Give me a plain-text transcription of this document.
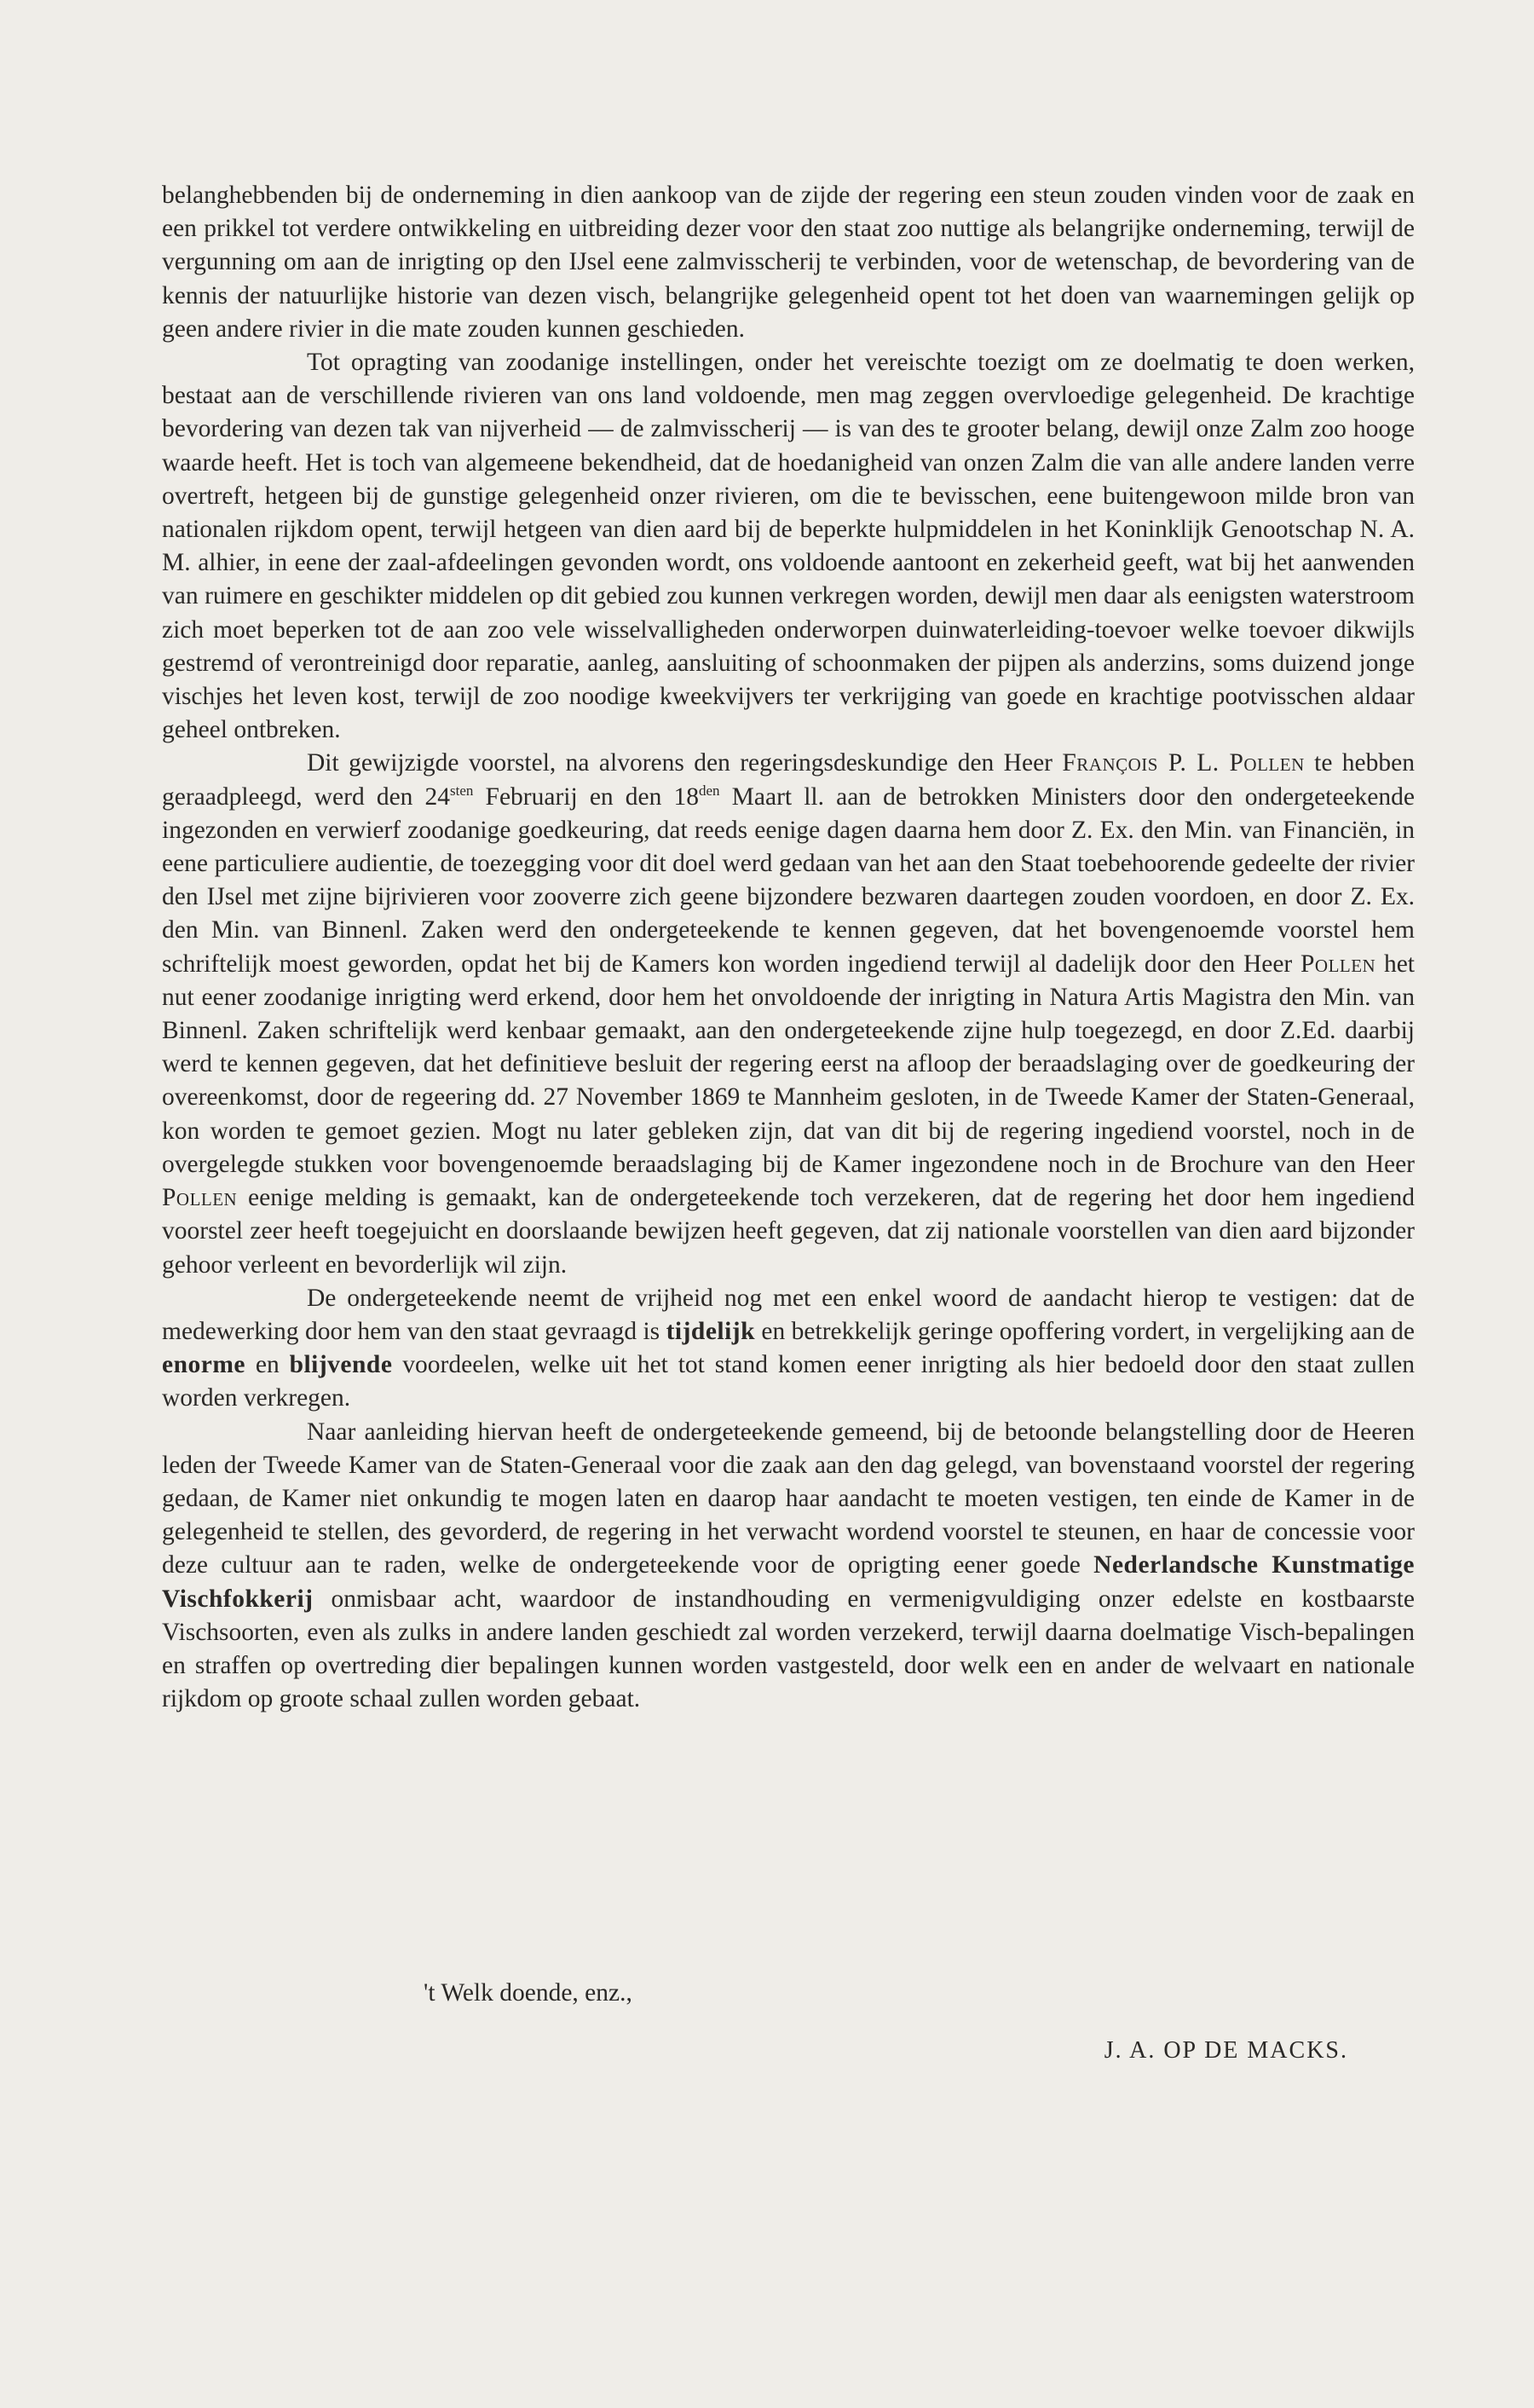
belanghebbenden bij de onderneming in dien aankoop van de zijde der regering een steun zouden vinden voor de zaak en een prikkel tot verdere ontwikkeling en uitbreiding dezer voor den staat zoo nuttige als belangrijke onderneming, terwijl de vergunning om aan de inrigting op den IJsel eene zalmvisscherij te verbinden, voor de wetenschap, de bevordering van de kennis der natuurlijke historie van dezen visch, belangrijke gelegenheid opent tot het doen van waarnemingen gelijk op geen andere rivier in die mate zouden kunnen geschieden.

Tot opragting van zoodanige instellingen, onder het vereischte toezigt om ze doelmatig te doen werken, bestaat aan de verschillende rivieren van ons land voldoende, men mag zeggen overvloedige gelegenheid. De krachtige bevordering van dezen tak van nijverheid — de zalmvisscherij — is van des te grooter belang, dewijl onze Zalm zoo hooge waarde heeft. Het is toch van algemeene bekendheid, dat de hoedanigheid van onzen Zalm die van alle andere landen verre overtreft, hetgeen bij de gunstige gelegenheid onzer rivieren, om die te bevisschen, eene buitengewoon milde bron van nationalen rijkdom opent, terwijl hetgeen van dien aard bij de beperkte hulpmiddelen in het Koninklijk Genootschap N. A. M. alhier, in eene der zaal-afdeelingen gevonden wordt, ons voldoende aantoont en zekerheid geeft, wat bij het aanwenden van ruimere en geschikter middelen op dit gebied zou kunnen verkregen worden, dewijl men daar als eenigsten waterstroom zich moet beperken tot de aan zoo vele wisselvalligheden onderworpen duinwaterleiding-toevoer welke toevoer dikwijls gestremd of verontreinigd door reparatie, aanleg, aansluiting of schoonmaken der pijpen als anderzins, soms duizend jonge vischjes het leven kost, terwijl de zoo noodige kweekvijvers ter verkrijging van goede en krachtige pootvisschen aldaar geheel ontbreken.

Dit gewijzigde voorstel, na alvorens den regeringsdeskundige den Heer François P. L. Pollen te hebben geraadpleegd, werd den $24^{sten}$ Februarij en den $18^{den}$ Maart ll. aan de betrokken Ministers door den ondergeteekende ingezonden en verwierf zoodanige goedkeuring, dat reeds eenige dagen daarna hem door Z. Ex. den Min. van Financiën, in eene particuliere audientie, de toezegging voor dit doel werd gedaan van het aan den Staat toebehoorende gedeelte der rivier den IJsel met zijne bijrivieren voor zooverre zich geene bijzondere bezwaren daartegen zouden voordoen, en door Z. Ex. den Min. van Binnenl. Zaken werd den ondergeteekende te kennen gegeven, dat het bovengenoemde voorstel hem schriftelijk moest geworden, opdat het bij de Kamers kon worden ingediend terwijl al dadelijk door den Heer Pollen het nut eener zoodanige inrigting werd erkend, door hem het onvoldoende der inrigting in Natura Artis Magistra den Min. van Binnenl. Zaken schriftelijk werd kenbaar gemaakt, aan den ondergeteekende zijne hulp toegezegd, en door Z.Ed. daarbij werd te kennen gegeven, dat het definitieve besluit der regering eerst na afloop der beraadslaging over de goedkeuring der overeenkomst, door de regeering dd. 27 November 1869 te Mannheim gesloten, in de Tweede Kamer der Staten-Generaal, kon worden te gemoet gezien. Mogt nu later gebleken zijn, dat van dit bij de regering ingediend voorstel, noch in de overgelegde stukken voor bovengenoemde beraadslaging bij de Kamer ingezondene noch in de Brochure van den Heer Pollen eenige melding is gemaakt, kan de ondergeteekende toch verzekeren, dat de regering het door hem ingediend voorstel zeer heeft toegejuicht en doorslaande bewijzen heeft gegeven, dat zij nationale voorstellen van dien aard bijzonder gehoor verleent en bevorderlijk wil zijn.

De ondergeteekende neemt de vrijheid nog met een enkel woord de aandacht hierop te vestigen: dat de medewerking door hem van den staat gevraagd is tijdelijk en betrekkelijk geringe opoffering vordert, in vergelijking aan de enorme en blijvende voordeelen, welke uit het tot stand komen eener inrigting als hier bedoeld door den staat zullen worden verkregen.

Naar aanleiding hiervan heeft de ondergeteekende gemeend, bij de betoonde belangstelling door de Heeren leden der Tweede Kamer van de Staten-Generaal voor die zaak aan den dag gelegd, van bovenstaand voorstel der regering gedaan, de Kamer niet onkundig te mogen laten en daarop haar aandacht te moeten vestigen, ten einde de Kamer in de gelegenheid te stellen, des gevorderd, de regering in het verwacht wordend voorstel te steunen, en haar de concessie voor deze cultuur aan te raden, welke de ondergeteekende voor de oprigting eener goede Nederlandsche Kunstmatige Vischfokkerij onmisbaar acht, waardoor de instandhouding en vermenigvuldiging onzer edelste en kostbaarste Vischsoorten, even als zulks in andere landen geschiedt zal worden verzekerd, terwijl daarna doelmatige Visch-bepalingen en straffen op overtreding dier bepalingen kunnen worden vastgesteld, door welk een en ander de welvaart en nationale rijkdom op groote schaal zullen worden gebaat.

't Welk doende, enz.,
J. A. OP DE MACKS.
